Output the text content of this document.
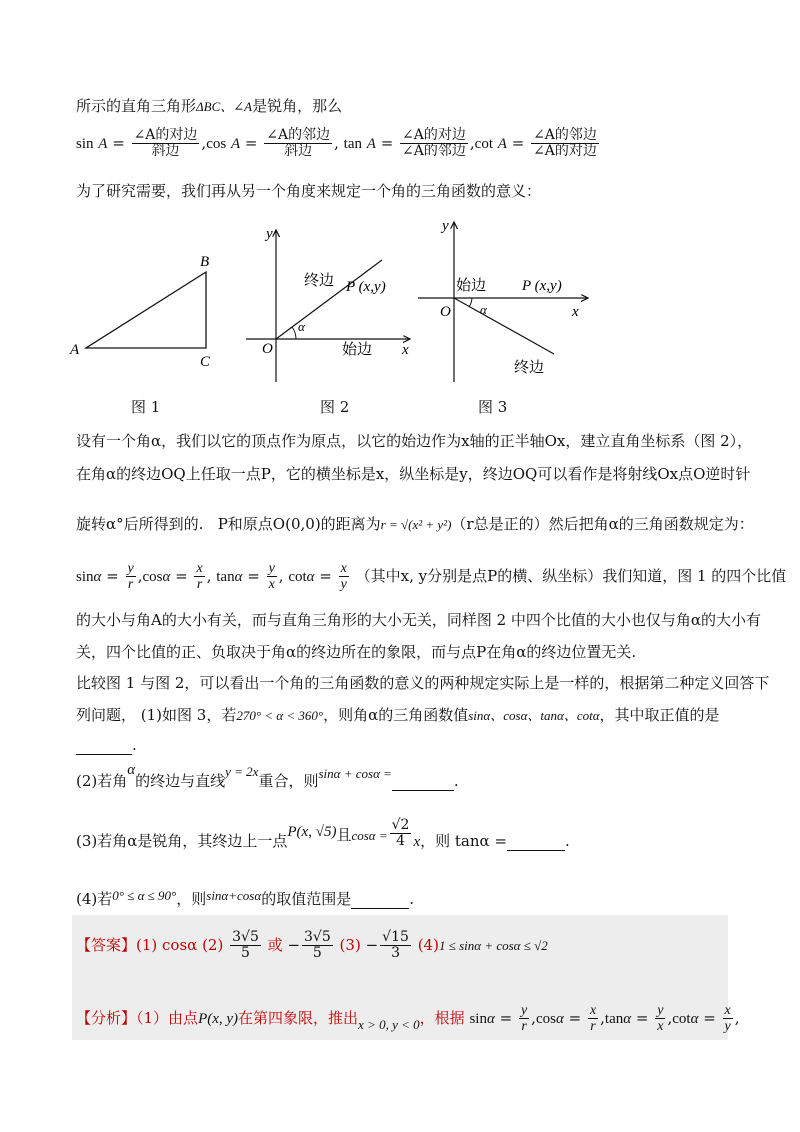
所示的直角三角形ΔBC、∠A是锐角，那么
$\sin A = \frac{\text{∠A的对边}}{\text{斜边}} ,\cos$ $A = \frac{\text{∠A的邻边}}{\text{斜边}}$ , $\tan A = \frac{\text{∠A的对边}}{\text{∠A的邻边}} ,\cot$ $A = \frac{\text{∠A的邻边}}{\text{∠A的对边}}$
为了研究需要，我们再从另一个角度来规定一个角的三角函数的意义：
A
B
C
图 1
y
x
O
终边
始边
P (x,y)
α
图 2
y
x
O
始边 P (x,y)
α
终边
图 3
设有一个角α，我们以它的顶点作为原点，以它的始边作为x轴的正半轴Ox，建立直角坐标系（图 2），
在角α的终边OQ上任取一点P，它的横坐标是x，纵坐标是y，终边OQ可以看作是将射线Ox点O逆时针
旋转α°后所得到的. P和原点O(0,0)的距离为r = √(x² + y²)（r总是正的）然后把角α的三角函数规定为：
$\sin\alpha = \frac{y}{r} ,\cos\alpha = \frac{x}{r}$ , $\tan\alpha = \frac{y}{x}$ , $\cot\alpha = \frac{x}{y}$ （其中x, y分别是点P的横、纵坐标）我们知道，图 1 的四个比值
的大小与角A的大小有关，而与直角三角形的大小无关，同样图 2 中四个比值的大小也仅与角α的大小有
关，四个比值的正、负取决于角α的终边所在的象限，而与点P在角α的终边位置无关.
比较图 1 与图 2，可以看出一个角的三角函数的意义的两种规定实际上是一样的，根据第二种定义回答下
列问题， (1)如图 3，若270° < α < 360°，则角α的三角函数值sinα、cosα、tanα、cotα，其中取正值的是
.
(2)若角α的终边与直线y = 2x重合，则sinα + cosα =	.
(3)若角α是锐角，其终边上一点P(x, √5)且$\cos\alpha = \frac{√2}{4}$ x，则 tanα =	.
(4)若0° ≤ α ≤ 90°，则sinα+cosα的取值范围是	.
【答案】(1) cosα $(2) \frac{3√5}{5}$ 或 − $\frac{3√5}{5} (3) - \frac{√15}{3} (4)1 \le \sin\alpha + \cos\alpha \le √2$
【分析】（1）由点P(x, y)在第四象限，推出x > 0, y < 0，根据 $\sin\alpha = \frac{y}{r} ,\cos\alpha = \frac{x}{r} ,\tan\alpha = \frac{y}{x} ,\cot\alpha = \frac{x}{y}$ ,
